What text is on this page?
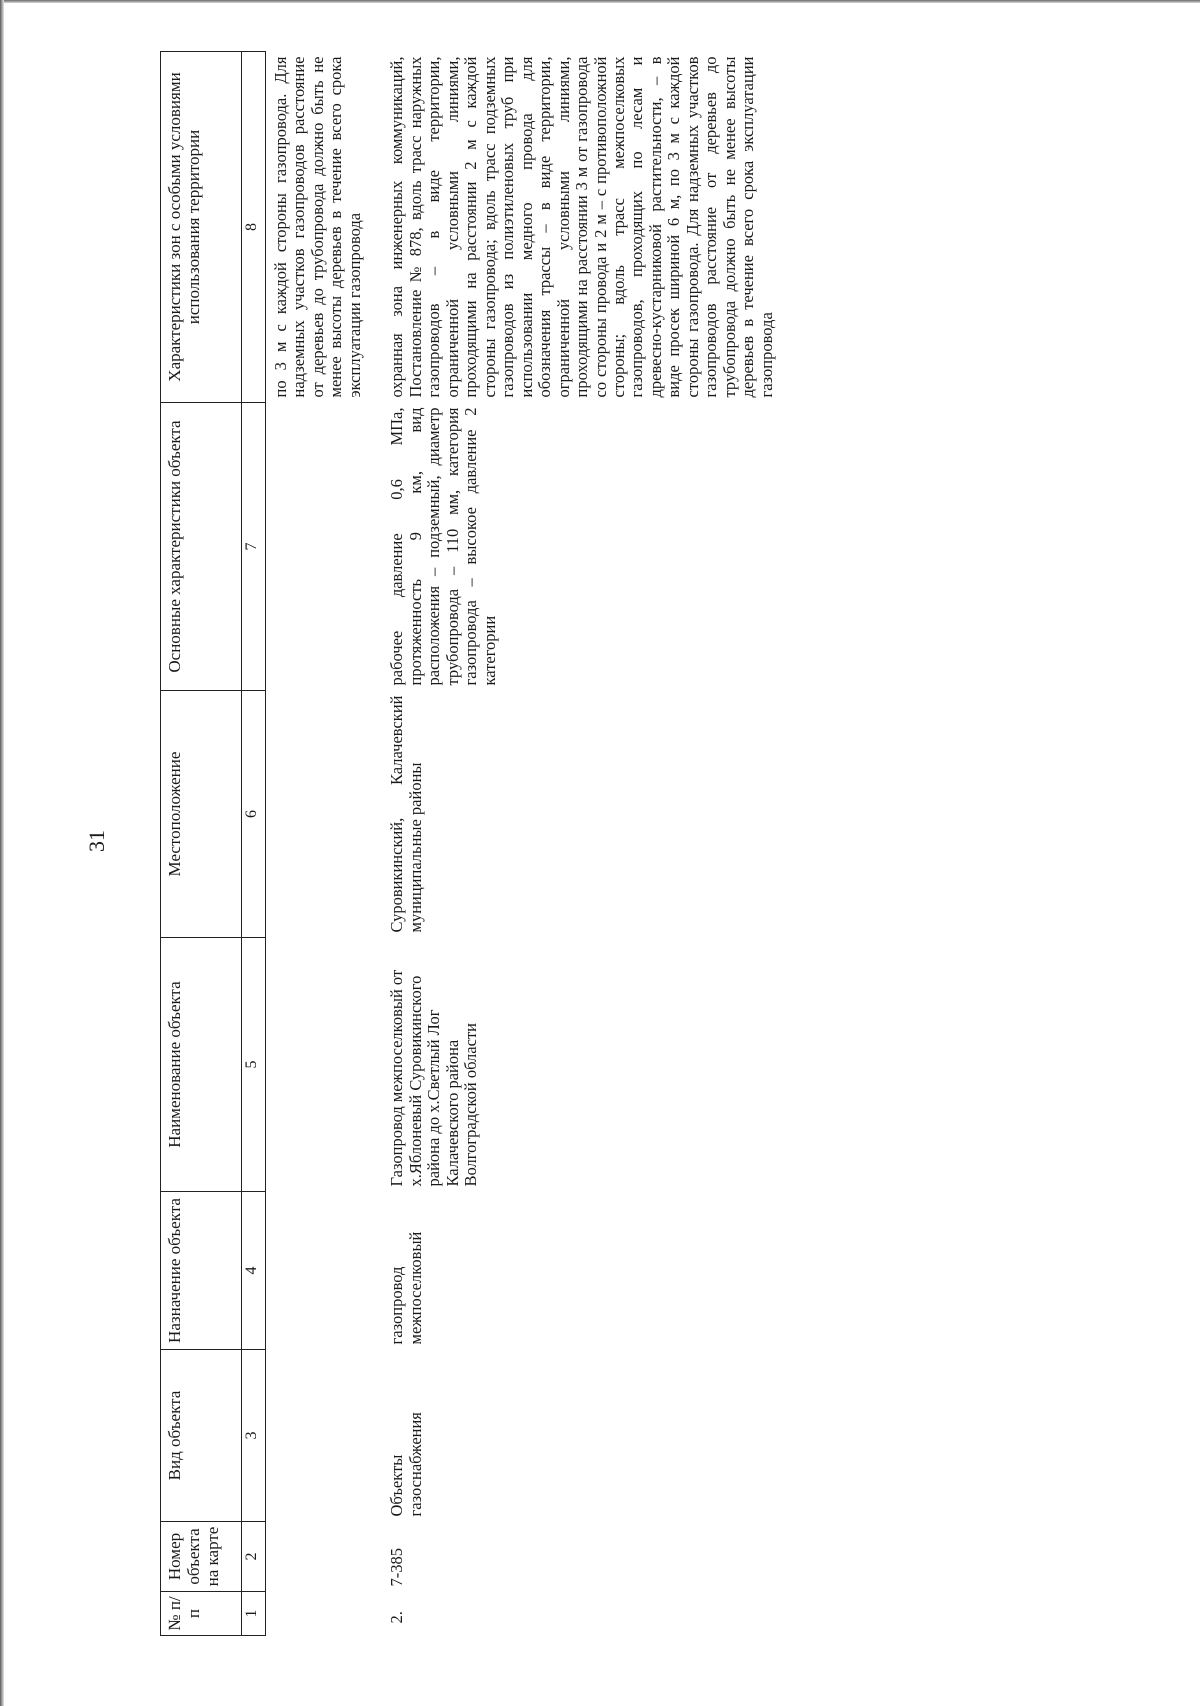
31
№ п/п	Номер объекта на карте	Вид объекта	Назначение объекта	Наименование объекта	Местоположение	Основные характеристики объекта	Характеристики зон с особыми условиями использования территории
1	2	3	4	5	6	7	8
							по 3 м с каждой стороны газопровода. Для надземных участков газопроводов расстояние от деревьев до трубопровода должно быть не менее высоты деревьев в течение всего срока эксплуатации газопровода
2.	7-385	Объекты газоснабжения	газопровод межпоселковый	Газопровод межпоселковый от х.Яблоневый Суровикинского района до х.Светлый Лог Калачевского района Волгоградской области	Суровикинский, Калачевский муниципальные районы	рабочее давление 0,6 МПа, протяженность 9 км, вид расположения – подземный, диаметр трубопровода – 110 мм, категория газопровода – высокое давление 2 категории	охранная зона инженерных коммуникаций, Постановление № 878, вдоль трасс наружных газопроводов – в виде территории, ограниченной условными линиями, проходящими на расстоянии 2 м с каждой стороны газопровода; вдоль трасс подземных газопроводов из полиэтиленовых труб при использовании медного провода для обозначения трассы – в виде территории, ограниченной условными линиями, проходящими на расстоянии 3 м от газопровода со стороны провода и 2 м – с противоположной стороны; вдоль трасс межпоселковых газопроводов, проходящих по лесам и древесно-кустарниковой растительности, – в виде просек шириной 6 м, по 3 м с каждой стороны газопровода. Для надземных участков газопроводов расстояние от деревьев до трубопровода должно быть не менее высоты деревьев в течение всего срока эксплуатации газопровода
